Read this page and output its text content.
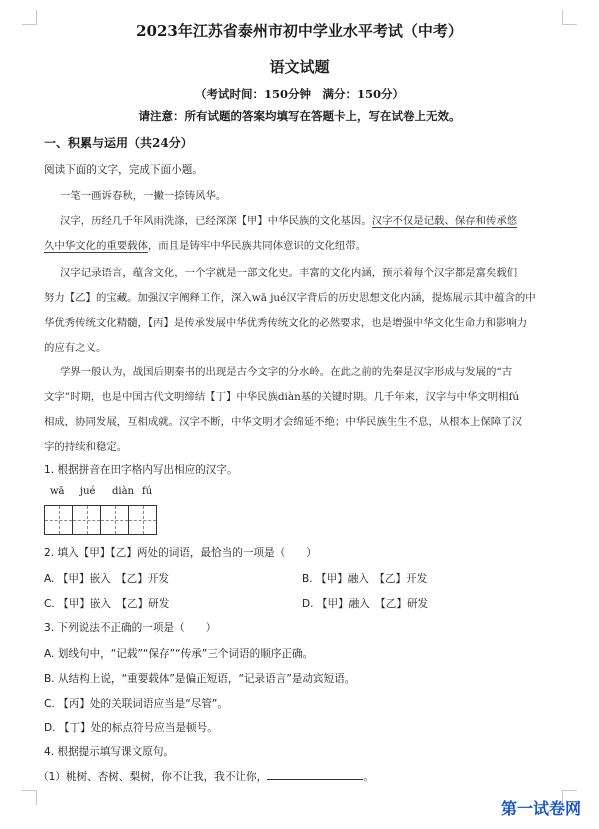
2023年江苏省泰州市初中学业水平考试（中考）
语文试题
（考试时间：150分钟　满分：150分）
请注意：所有试题的答案均填写在答题卡上，写在试卷上无效。
一、积累与运用（共24分）
阅读下面的文字，完成下面小题。
一笔一画诉春秋，一撇一捺铸风华。
汉字，历经几千年风雨洗涤，已经深深【甲】中华民族的文化基因。汉字不仅是记载、保存和传承悠
久中华文化的重要载体，而且是铸牢中华民族共同体意识的文化纽带。
汉字记录语言，蕴含文化，一个字就是一部文化史。丰富的文化内涵，预示着每个汉字都是富矣载们
努力【乙】的宝藏。加强汉字阐释工作，深入wā jué汉字背后的历史思想文化内涵，提炼展示其中蕴含的中
华优秀传统文化精髓，【丙】是传承发展中华优秀传统文化的必然要求，也是增强中华文化生命力和影响力
的应有之义。
学界一般认为，战国后期秦书的出现是古今文字的分水岭。在此之前的先秦是汉字形成与发展的“古
文字”时期，也是中国古代文明缔结【丁】中华民族diàn基的关键时期。几千年来，汉字与中华文明相fú
相成，协同发展，互相成就。汉字不断，中华文明才会绵延不绝；中华民族生生不息，从根本上保障了汉
字的持续和稳定。
1. 根据拼音在田字格内写出相应的汉字。
wā jué diàn fú
2. 填入【甲】【乙】两处的词语，最恰当的一项是（　　）
A. 【甲】嵌入　【乙】开发	B. 【甲】融入　【乙】开发
C. 【甲】嵌入　【乙】研发	D. 【甲】融入　【乙】研发
3. 下列说法不正确的一项是（　　）
A. 划线句中，“记载”“保存”“传承”三个词语的顺序正确。
B. 从结构上说，“重要载体”是偏正短语，“记录语言”是动宾短语。
C. 【丙】处的关联词语应当是“尽管”。
D. 【丁】处的标点符号应当是顿号。
4. 根据提示填写课文原句。
（1）桃树、杏树、梨树，你不让我，我不让你，	。
第一试卷网
